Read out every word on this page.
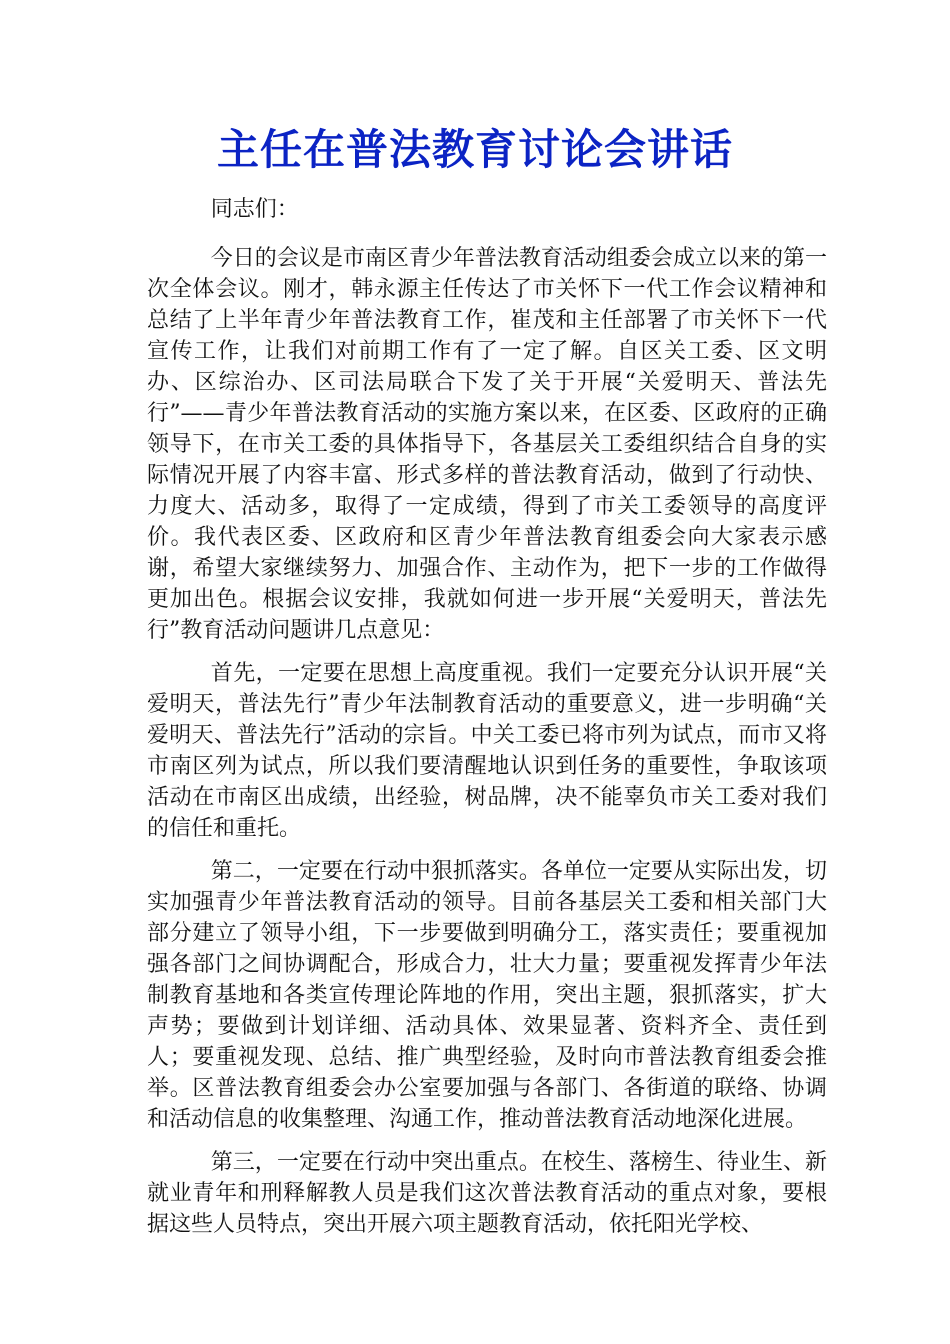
主任在普法教育讨论会讲话

同志们：

今日的会议是市南区青少年普法教育活动组委会成立以来的第一次全体会议。刚才，韩永源主任传达了市关怀下一代工作会议精神和总结了上半年青少年普法教育工作，崔茂和主任部署了市关怀下一代宣传工作，让我们对前期工作有了一定了解。自区关工委、区文明办、区综治办、区司法局联合下发了关于开展“关爱明天、普法先行”——青少年普法教育活动的实施方案以来，在区委、区政府的正确领导下，在市关工委的具体指导下，各基层关工委组织结合自身的实际情况开展了内容丰富、形式多样的普法教育活动，做到了行动快、力度大、活动多，取得了一定成绩，得到了市关工委领导的高度评价。我代表区委、区政府和区青少年普法教育组委会向大家表示感谢，希望大家继续努力、加强合作、主动作为，把下一步的工作做得更加出色。根据会议安排，我就如何进一步开展“关爱明天，普法先行”教育活动问题讲几点意见：

首先，一定要在思想上高度重视。我们一定要充分认识开展“关爱明天，普法先行”青少年法制教育活动的重要意义，进一步明确“关爱明天、普法先行”活动的宗旨。中关工委已将市列为试点，而市又将市南区列为试点，所以我们要清醒地认识到任务的重要性，争取该项活动在市南区出成绩，出经验，树品牌，决不能辜负市关工委对我们的信任和重托。

第二，一定要在行动中狠抓落实。各单位一定要从实际出发，切实加强青少年普法教育活动的领导。目前各基层关工委和相关部门大部分建立了领导小组，下一步要做到明确分工，落实责任；要重视加强各部门之间协调配合，形成合力，壮大力量；要重视发挥青少年法制教育基地和各类宣传理论阵地的作用，突出主题，狠抓落实，扩大声势；要做到计划详细、活动具体、效果显著、资料齐全、责任到人；要重视发现、总结、推广典型经验，及时向市普法教育组委会推举。区普法教育组委会办公室要加强与各部门、各街道的联络、协调和活动信息的收集整理、沟通工作，推动普法教育活动地深化进展。

第三，一定要在行动中突出重点。在校生、落榜生、待业生、新就业青年和刑释解教人员是我们这次普法教育活动的重点对象，要根据这些人员特点，突出开展六项主题教育活动，依托阳光学校、
